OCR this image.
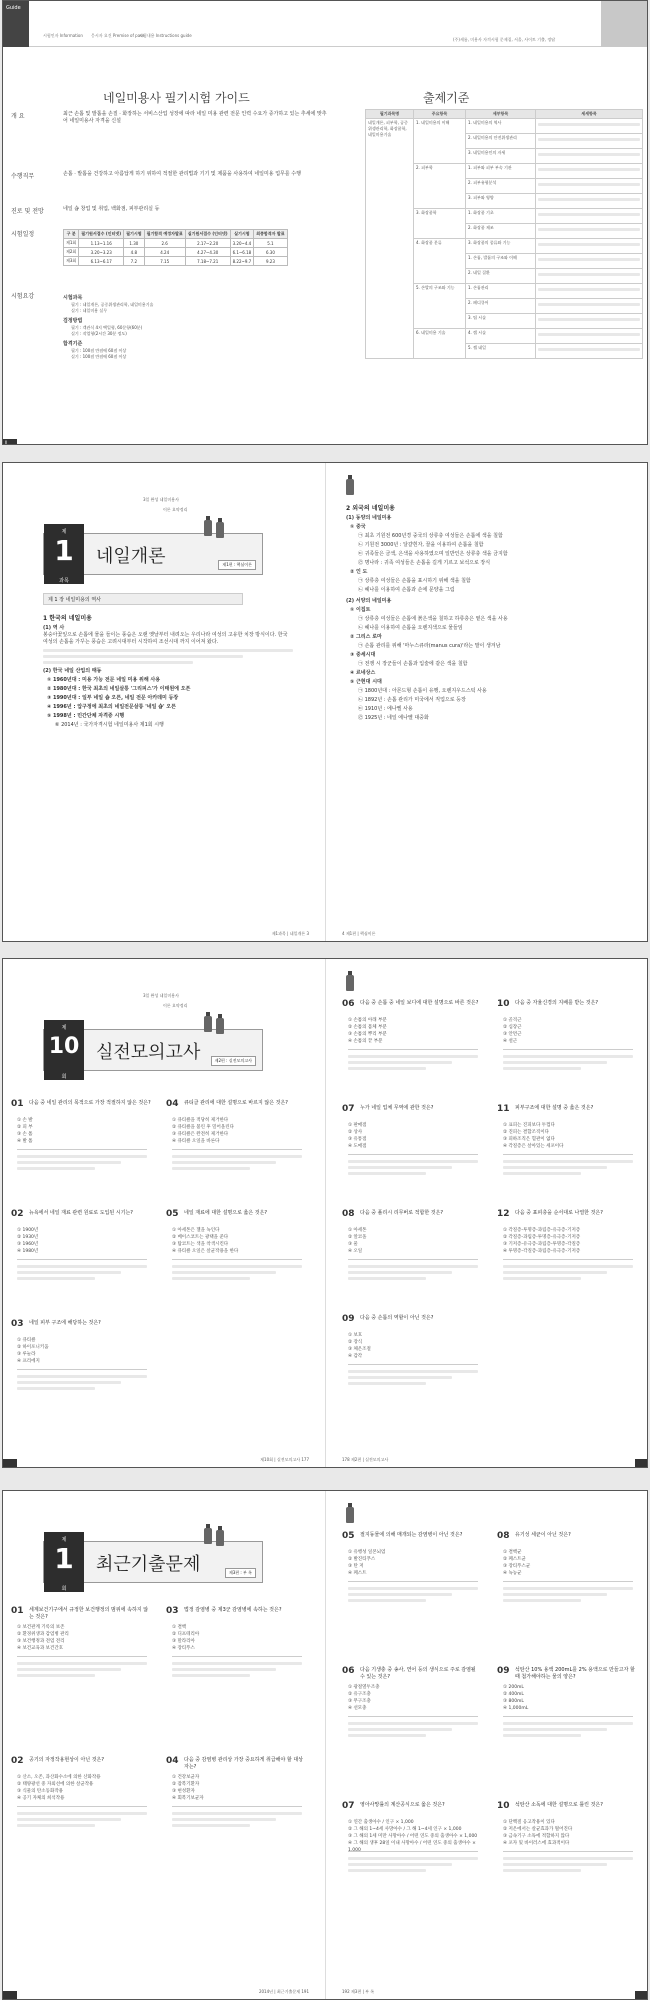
Guide
시험인자 Information 응시자 요건 Premise of pass
시험내용 Instructions guide
(주)새롬, 미용사 자격시험 문제집, 서울, 사이트 기출, 정답
네일미용사 필기시험 가이드
개 요	최근 손톱 및 발톱을 손질 · 화장하는 서비스산업 성장에 따라 네일 미용 관련 전문 인력 수요가 증가하고 있는 추세에 맞추어 네일미용사 자격을 신설
수행직무	손톱 · 발톱을 건강하고 아름답게 하기 위하여 적절한 관리법과 기기 및 제품을 사용하여 네일미용 업무를 수행
진로 및 전망	네일 숍 창업 및 취업, 백화점, 피부관리실 등
시험일정	구 분	필기원서접수 (인터넷)	필기시험	필기합격 예정자발표	실기원서접수 (인터넷)	실기시험	최종합격자 발표
제1회	1.13~1.16	1.30	2.6	2.17~2.20	3.20~4.4	5.1
제2회	3.20~3.23	4.8	4.24	4.27~4.30	6.1~6.18	6.30
제3회	6.13~6.17	7.2	7.15	7.18~7.21	8.22~9.7	9.23
시험요강	시험과목
필기 : 네일개론, 공중위생관리학, 네일미용기술
실기 : 네일미용 실무
검정방법
필기 : 객관식 4지 택일형, 60문항(60분)
실기 : 작업형(2시간 30분 정도)
합격기준
필기 : 100점 만점에 60점 이상
실기 : 100점 만점에 60점 이상
출제기준
필기과목명	주요항목	세부항목	세세항목
네일개론, 피부학, 공중위생관리학, 화장품학, 네일미용기술	1. 네일미용의 이해	1. 네일미용의 역사	

		2. 네일미용의 안전위생관리	

		3. 네일미용인의 자세	

	2. 피부학	1. 피부와 피부 부속 기관	

		2. 피부유형분석	

		3. 피부와 영양	

	3. 화장품학	1. 화장품 기초	

		2. 화장품 제조	

	4. 화장품 분류	3. 화장품의 종류와 기능	

		1. 손톱, 발톱의 구조와 이해	

		2. 네일 질환	

	5. 손발의 구조와 기능	1. 손톱관리	

		2. 페디큐어	

		3. 팁 시술	

	6. 네일미용 기술	4. 랩 시술	

		5. 젤 네일	
II
3일 완성 네일미용사
이론 요약정리
제
1
과목
네일개론	제1편 : 핵심이론
제 1 장 네일미용의 역사
1 한국의 네일미용
(1) 역 사
봉숭아꽃잎으로 손톱에 물을 들이는 풍습은 오랜 옛날부터 내려오는 우리나라 여성의 고유한 치장 방식이다. 한국 여성의 손톱을 가꾸는 풍습은 고려시대부터 시작하여 조선시대 까지 이어져 왔다.
(2) 한국 네일 산업의 태동
① 1960년대 : 미용 가능 전문 네일 미용 위해 사용
② 1980년대 : 한국 최초의 네일살롱 '그리피스'가 이태원에 오픈
③ 1990년대 : 일부 네일 숍 오픈, 네일 전문 아카데미 등장
④ 1996년 : 압구정에 최초의 네일전문살롱 '네일 숍' 오픈
⑤ 1998년 : 민간단체 자격증 시행
⑥ 2014년 : 국가자격시험 네일미용사 제1회 시행
제1과목 | 네일개론 3
2 외국의 네일미용
(1) 동양의 네일미용
① 중국
㉠ 최초 기원전 600년경 중국의 상류층 여성들은 손톱에 색을 칠함
㉡ 기원전 3000년 : 달걀흰자, 꿀을 이용하여 손톱을 칠함
㉢ 귀족들은 금색, 은색을 사용하였으며 일반인은 상류층 색을 금지함
㉣ 명나라 : 귀족 여성들은 손톱을 길게 기르고 보석으로 장식
② 인 도
㉠ 상류층 여성들은 손톱을 표시하기 위해 색을 칠함
㉡ 헤나를 이용하여 손톱과 손에 문양을 그림
(2) 서양의 네일미용
① 이집트
㉠ 상류층 여성들은 손톱에 붉은색을 칠하고 하류층은 옅은 색을 사용
㉡ 헤나를 이용하여 손톱을 오렌지색으로 물들임
② 그리스 로마
㉠ 손톱 관리를 위해 '마누스큐라(manus cura)'라는 말이 생겨남
③ 중세시대
㉠ 전쟁 시 장군들이 손톱과 입술에 같은 색을 칠함
④ 르네상스
⑤ 근현대 시대
㉠ 1800년대 : 아몬드형 손톱이 유행, 오렌지우드스틱 사용
㉡ 1892년 : 손톱 관리가 미국에서 직업으로 등장
㉢ 1910년 : 에나멜 사용
㉣ 1925년 : 네일 에나멜 대중화
4 제1편 | 핵심이론
3일 완성 네일미용사
이론 요약정리
제
10
회
실전모의고사	제2편 : 실전모의고사
01 다음 중 네일 관리의 목적으로 가장 적절하지 않은 것은?
① 손 발
② 피 부
③ 손 톱
④ 발 톱
02 뉴욕에서 네일 재료 관련 원료로 도입된 시기는?
① 1900년
② 1930년
③ 1960년
④ 1980년
03 네일 피부 구조에 해당하는 것은?
① 큐티클
② 하이포니키움
③ 루눌라
④ 프리에지
04 큐티클 관리에 대한 설명으로 바르지 않은 것은?
① 큐티클을 적당히 제거한다
② 큐티클을 불린 후 밀어올린다
③ 큐티클은 완전히 제거한다
④ 큐티클 오일을 바른다
05 네일 재료에 대한 설명으로 옳은 것은?
① 아세톤은 젤을 녹인다
② 베이스코트는 광택을 준다
③ 탑코트는 색을 착색시킨다
④ 큐티클 오일은 살균작용을 한다
제10회 | 실전모의고사 177
06 다음 중 손톱 중 네일 보디에 대한 설명으로 바른 것은?
① 손톱의 아래 부분
② 손톱의 몸체 부분
③ 손톱의 뿌리 부분
④ 손톱의 끝 부분
07 누가 네일 업체 무역에 관한 것은?
① 판매점
② 상사
③ 유통점
④ 도매점
08 다음 중 폴리시 리무버로 적합한 것은?
① 아세톤
② 알코올
③ 물
④ 오일
09 다음 중 손톱의 역할이 아닌 것은?
① 보호
② 장식
③ 체온조절
④ 감각
10 다음 중 자율신경의 지배를 받는 것은?
① 골격근
② 심장근
③ 안면근
④ 설근
11 피부구조에 대한 설명 중 옳은 것은?
① 표피는 진피보다 두껍다
② 진피는 결합조직이다
③ 피하조직은 혈관이 없다
④ 각질층은 살아있는 세포이다
12 다음 중 표피층을 순서대로 나열한 것은?
① 각질층-투명층-과립층-유극층-기저층
② 각질층-과립층-투명층-유극층-기저층
③ 기저층-유극층-과립층-투명층-각질층
④ 투명층-각질층-과립층-유극층-기저층
178 제2편 | 실전모의고사
제
1
회
최근기출문제	제3편 : 부 록
01 세계보건기구에서 규정한 보건행정의 범위에 속하지 않는 것은?
① 보건관계 기록의 보존
② 환경위생과 감염병 관리
③ 보건행정과 전염 전리
④ 보건교육과 보건간호
02 공기의 자정작용현상이 아닌 것은?
① 산소, 오존, 과산화수소에 의한 산화작용
② 태양광선 중 자외선에 의한 살균작용
③ 식물의 탄소동화작용
④ 공기 자체의 희석작용
03 법정 감염병 중 제3군 감염병에 속하는 것은?
① 결핵
② 디프테리아
③ 말라리아
④ 장티푸스
04 다음 중 감염병 관리상 가장 중요하게 취급해야 할 대상자는?
① 건강보균자
② 잠복기환자
③ 현성환자
④ 회복기보균자
2014년 | 최근기출문제 191
05 절지동물에 의해 매개되는 감염병이 아닌 것은?
① 유행성 일본뇌염
② 발진티푸스
③ 탄 저
④ 페스트
06 다음 기생충 중 송사, 연어 등의 생식으로 주로 감염될 수 있는 것은?
① 광절열두조충
② 유구조충
③ 무구조충
④ 선모충
07 영아사망률의 계산공식으로 옳은 것은?
① 연간 출생아수 / 인구 × 1,000
② 그 해의 1~4세 사망아수 / 그 해 1~4세 인구 × 1,000
③ 그 해의 1세 미만 사망아수 / 어떤 연도 중의 출생아수 × 1,000
④ 그 해의 생후 28일 이내 사망아수 / 어떤 연도 중의 출생아수 × 1,000
08 유기성 세균이 아닌 것은?
① 결핵균
② 페스트균
③ 장티푸스균
④ 녹농균
09 석탄산 10% 용액 200mL를 2% 용액으로 만들고자 할 때 첨가해야하는 물의 양은?
① 200mL
② 400mL
③ 800mL
④ 1,000mL
10 석탄산 소독에 대한 설명으로 틀린 것은?
① 단백질 응고작용이 있다
② 저온에서는 살균효과가 떨어진다
③ 금속기구 소독에 적합하지 않다
④ 포자 및 바이러스에 효과적이다
192 제3편 | 부 록
